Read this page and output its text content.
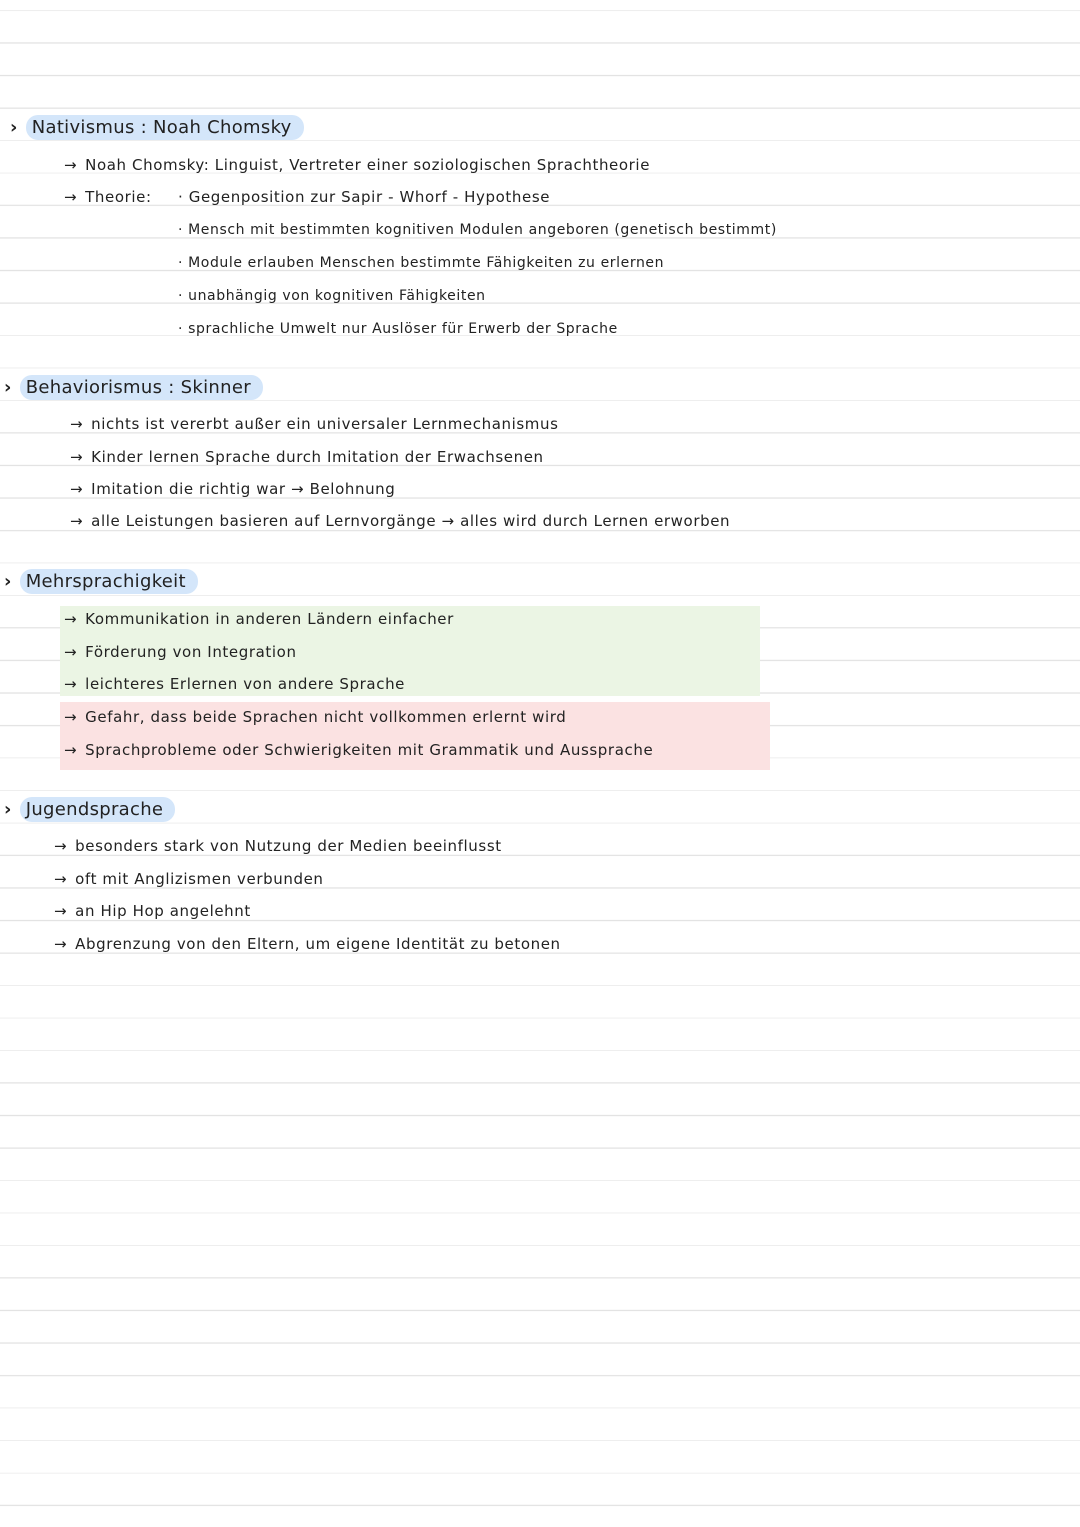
› Nativismus : Noah Chomsky
→ Noah Chomsky: Linguist, Vertreter einer soziologischen Sprachtheorie
→ Theorie: · Gegenposition zur Sapir - Whorf - Hypothese
· Mensch mit bestimmten kognitiven Modulen angeboren (genetisch bestimmt)
· Module erlauben Menschen bestimmte Fähigkeiten zu erlernen
· unabhängig von kognitiven Fähigkeiten
· sprachliche Umwelt nur Auslöser für Erwerb der Sprache
› Behaviorismus : Skinner
→ nichts ist vererbt außer ein universaler Lernmechanismus
→ Kinder lernen Sprache durch Imitation der Erwachsenen
→ Imitation die richtig war → Belohnung
→ alle Leistungen basieren auf Lernvorgänge → alles wird durch Lernen erworben
› Mehrsprachigkeit
→ Kommunikation in anderen Ländern einfacher
→ Förderung von Integration
→ leichteres Erlernen von andere Sprache
→ Gefahr, dass beide Sprachen nicht vollkommen erlernt wird
→ Sprachprobleme oder Schwierigkeiten mit Grammatik und Aussprache
› Jugendsprache
→ besonders stark von Nutzung der Medien beeinflusst
→ oft mit Anglizismen verbunden
→ an Hip Hop angelehnt
→ Abgrenzung von den Eltern, um eigene Identität zu betonen
